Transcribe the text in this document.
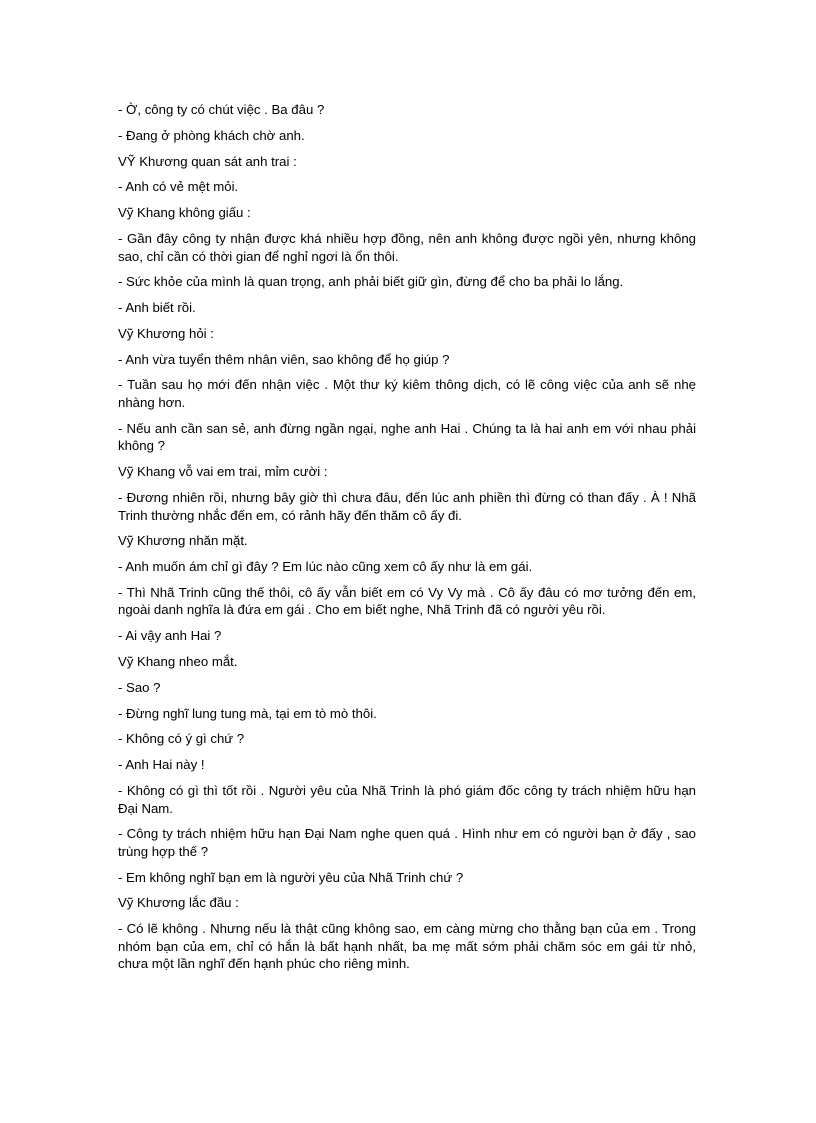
- Ờ, công ty có chút việc . Ba đâu ?

- Đang ở phòng khách chờ anh.

VỸ Khương quan sát anh trai :

- Anh có vẻ mệt mỏi.

Vỹ Khang không giấu :

- Gần đây công ty nhận được khá nhiều hợp đồng, nên anh không được ngồi yên, nhưng không sao, chỉ cần có thời gian để nghỉ ngơi là ổn thôi.

- Sức khỏe của mình là quan trọng, anh phải biết giữ gìn, đừng để cho ba phải lo lắng.

- Anh biết rồi.

Vỹ Khương hỏi :

- Anh vừa tuyển thêm nhân viên, sao không để họ giúp ?

- Tuần sau họ mới đến nhận việc . Một thư ký kiêm thông dịch, có lẽ công việc của anh sẽ nhẹ nhàng hơn.

- Nếu anh cần san sẻ, anh đừng ngần ngại, nghe anh Hai . Chúng ta là hai anh em với nhau phải không ?

Vỹ Khang vỗ vai em trai, mỉm cười :

- Đương nhiên rồi, nhưng bây giờ thì chưa đâu, đến lúc anh phiền thì đừng có than đấy . À ! Nhã Trinh thường nhắc đến em, có rảnh hãy đến thăm cô ấy đi.

Vỹ Khương nhăn mặt.

- Anh muốn ám chỉ gì đây ? Em lúc nào cũng xem cô ấy như là em gái.

- Thì Nhã Trinh cũng thế thôi, cô ấy vẫn biết em có Vy Vy mà . Cô ấy đâu có mơ tưởng đến em, ngoài danh nghĩa là đứa em gái . Cho em biết nghe, Nhã Trinh đã có người yêu rồi.

- Ai vậy anh Hai ?

Vỹ Khang nheo mắt.

- Sao ?

- Đừng nghĩ lung tung mà, tại em tò mò thôi.

- Không có ý gì chứ ?

- Anh Hai này !

- Không có gì thì tốt rồi . Người yêu của Nhã Trinh là phó giám đốc công ty trách nhiệm hữu hạn Đại Nam.

- Công ty trách nhiệm hữu hạn Đại Nam nghe quen quá . Hình như em có người bạn ở đấy , sao trùng hợp thế ?

- Em không nghĩ bạn em là người yêu của Nhã Trinh chứ ?

Vỹ Khương lắc đầu :

- Có lẽ không . Nhưng nếu là thật cũng không sao, em càng mừng cho thằng bạn của em . Trong nhóm bạn của em, chỉ có hắn là bất hạnh nhất, ba mẹ mất sớm phải chăm sóc em gái từ nhỏ, chưa một lần nghĩ đến hạnh phúc cho riêng mình.
